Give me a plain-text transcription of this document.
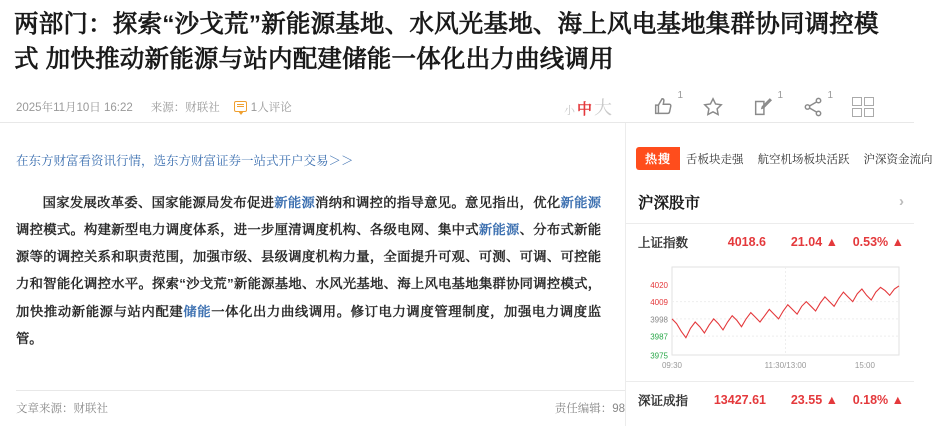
两部门：探索“沙戈荒”新能源基地、水风光基地、海上风电基地集群协同调控模式 加快推动新能源与站内配建储能一体化出力曲线调用
2025年11月10日 16:22 来源： 财联社	1人评论	小 中 大
1	1	1
在东方财富看资讯行情，选东方财富证券一站式开户交易＞＞
国家发展改革委、国家能源局发布促进新能源消纳和调控的指导意见。意见指出，优化新能源调控模式。构建新型电力调度体系，进一步厘清调度机构、各级电网、集中式新能源、分布式新能源等的调控关系和职责范围，加强市级、县级调度机构力量，全面提升可观、可测、可调、可控能力和智能化调控水平。探索“沙戈荒”新能源基地、水风光基地、海上风电基地集群协同调控模式，加快推动新能源与站内配建储能一体化出力曲线调用。修订电力调度管理制度，加强电力调度监管。
文章来源： 财联社	责任编辑：98
热搜	舌板块走强 航空机场板块活跃 沪深资金流向
沪深股市	›
上证指数	4018.6	21.04 ▲	0.53% ▲
4020
4009
3998
3987
3975
09:30	11:30/13:00	15:00
深证成指 13427.61	23.55 ▲	0.18% ▲
